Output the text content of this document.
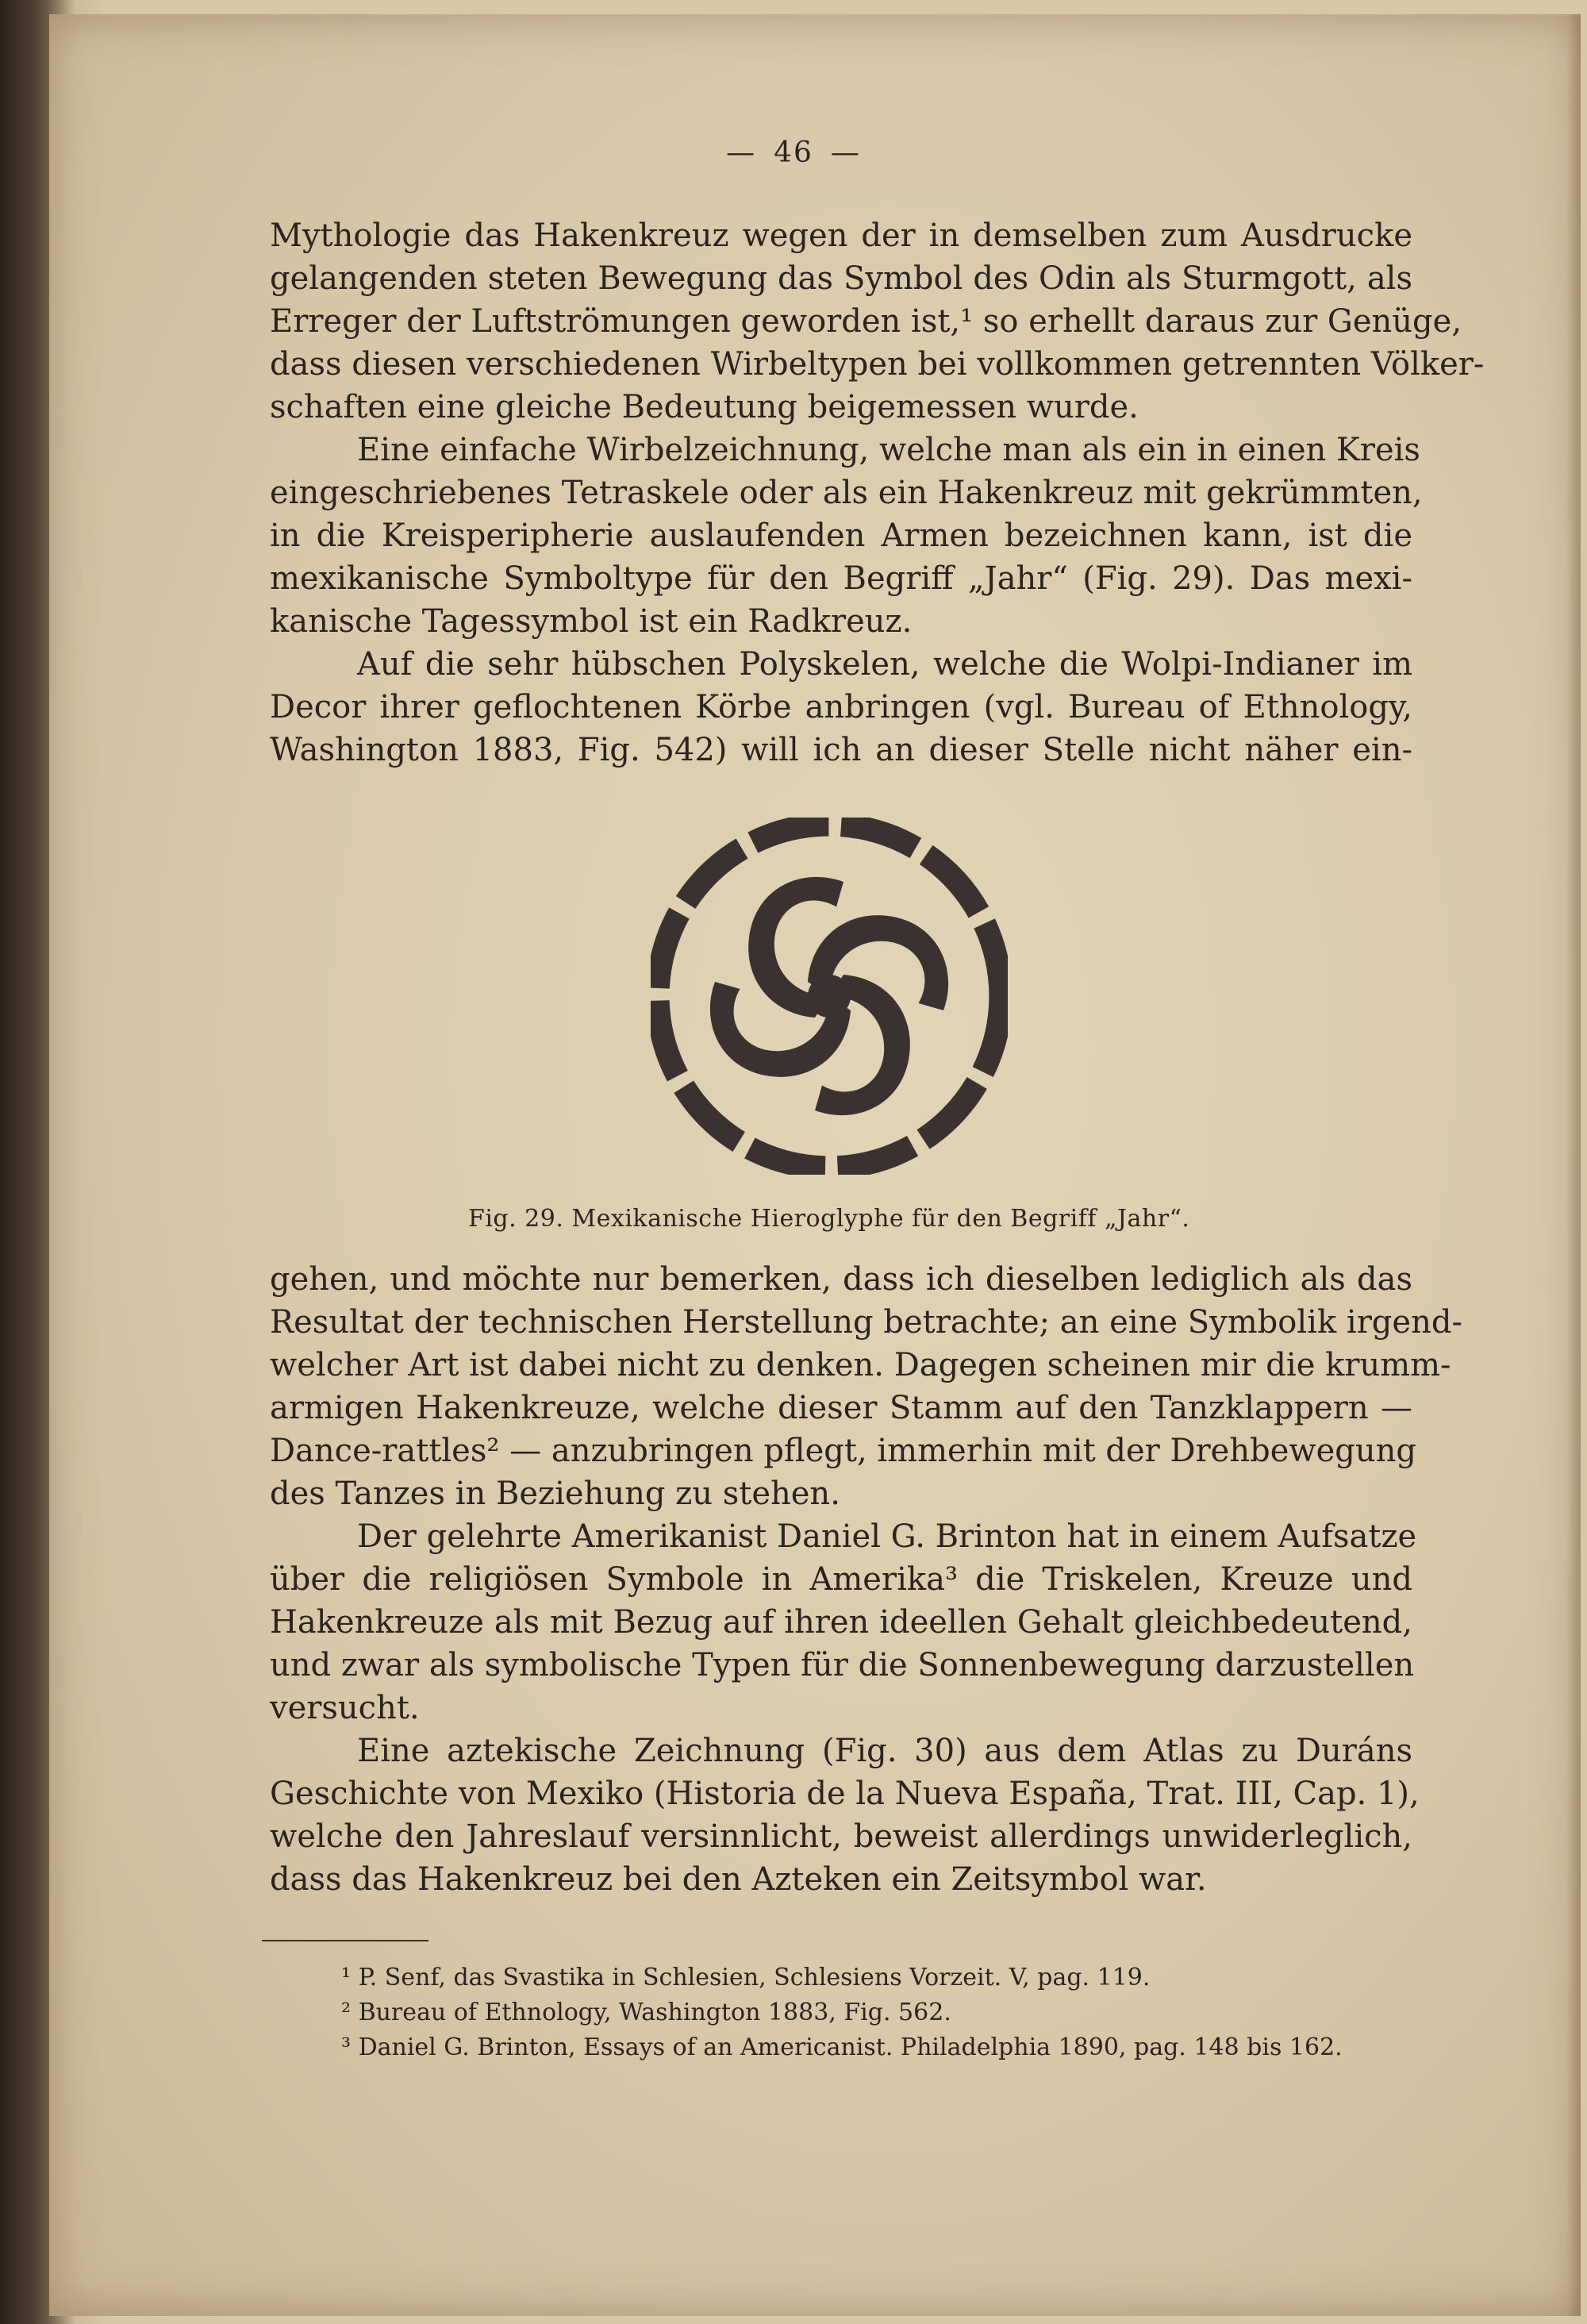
— 46 —
Mythologie das Hakenkreuz wegen der in demselben zum Ausdrucke
gelangenden steten Bewegung das Symbol des Odin als Sturmgott, als
Erreger der Luftströmungen geworden ist,¹ so erhellt daraus zur Genüge,
dass diesen verschiedenen Wirbeltypen bei vollkommen getrennten Völker-
schaften eine gleiche Bedeutung beigemessen wurde.
Eine einfache Wirbelzeichnung, welche man als ein in einen Kreis
eingeschriebenes Tetraskele oder als ein Hakenkreuz mit gekrümmten,
in die Kreisperipherie auslaufenden Armen bezeichnen kann, ist die
mexikanische Symboltype für den Begriff „Jahr“ (Fig. 29). Das mexi-
kanische Tagessymbol ist ein Radkreuz.
Auf die sehr hübschen Polyskelen, welche die Wolpi-Indianer im
Decor ihrer geflochtenen Körbe anbringen (vgl. Bureau of Ethnology,
Washington 1883, Fig. 542) will ich an dieser Stelle nicht näher ein-
Fig. 29. Mexikanische Hieroglyphe für den Begriff „Jahr“.
gehen, und möchte nur bemerken, dass ich dieselben lediglich als das
Resultat der technischen Herstellung betrachte; an eine Symbolik irgend-
welcher Art ist dabei nicht zu denken. Dagegen scheinen mir die krumm-
armigen Hakenkreuze, welche dieser Stamm auf den Tanzklappern —
Dance-rattles² — anzubringen pflegt, immerhin mit der Drehbewegung
des Tanzes in Beziehung zu stehen.
Der gelehrte Amerikanist Daniel G. Brinton hat in einem Aufsatze
über die religiösen Symbole in Amerika³ die Triskelen, Kreuze und
Hakenkreuze als mit Bezug auf ihren ideellen Gehalt gleichbedeutend,
und zwar als symbolische Typen für die Sonnenbewegung darzustellen
versucht.
Eine aztekische Zeichnung (Fig. 30) aus dem Atlas zu Duráns
Geschichte von Mexiko (Historia de la Nueva España, Trat. III, Cap. 1),
welche den Jahreslauf versinnlicht, beweist allerdings unwiderleglich,
dass das Hakenkreuz bei den Azteken ein Zeitsymbol war.
¹ P. Senf, das Svastika in Schlesien, Schlesiens Vorzeit. V, pag. 119.
² Bureau of Ethnology, Washington 1883, Fig. 562.
³ Daniel G. Brinton, Essays of an Americanist. Philadelphia 1890, pag. 148 bis 162.
